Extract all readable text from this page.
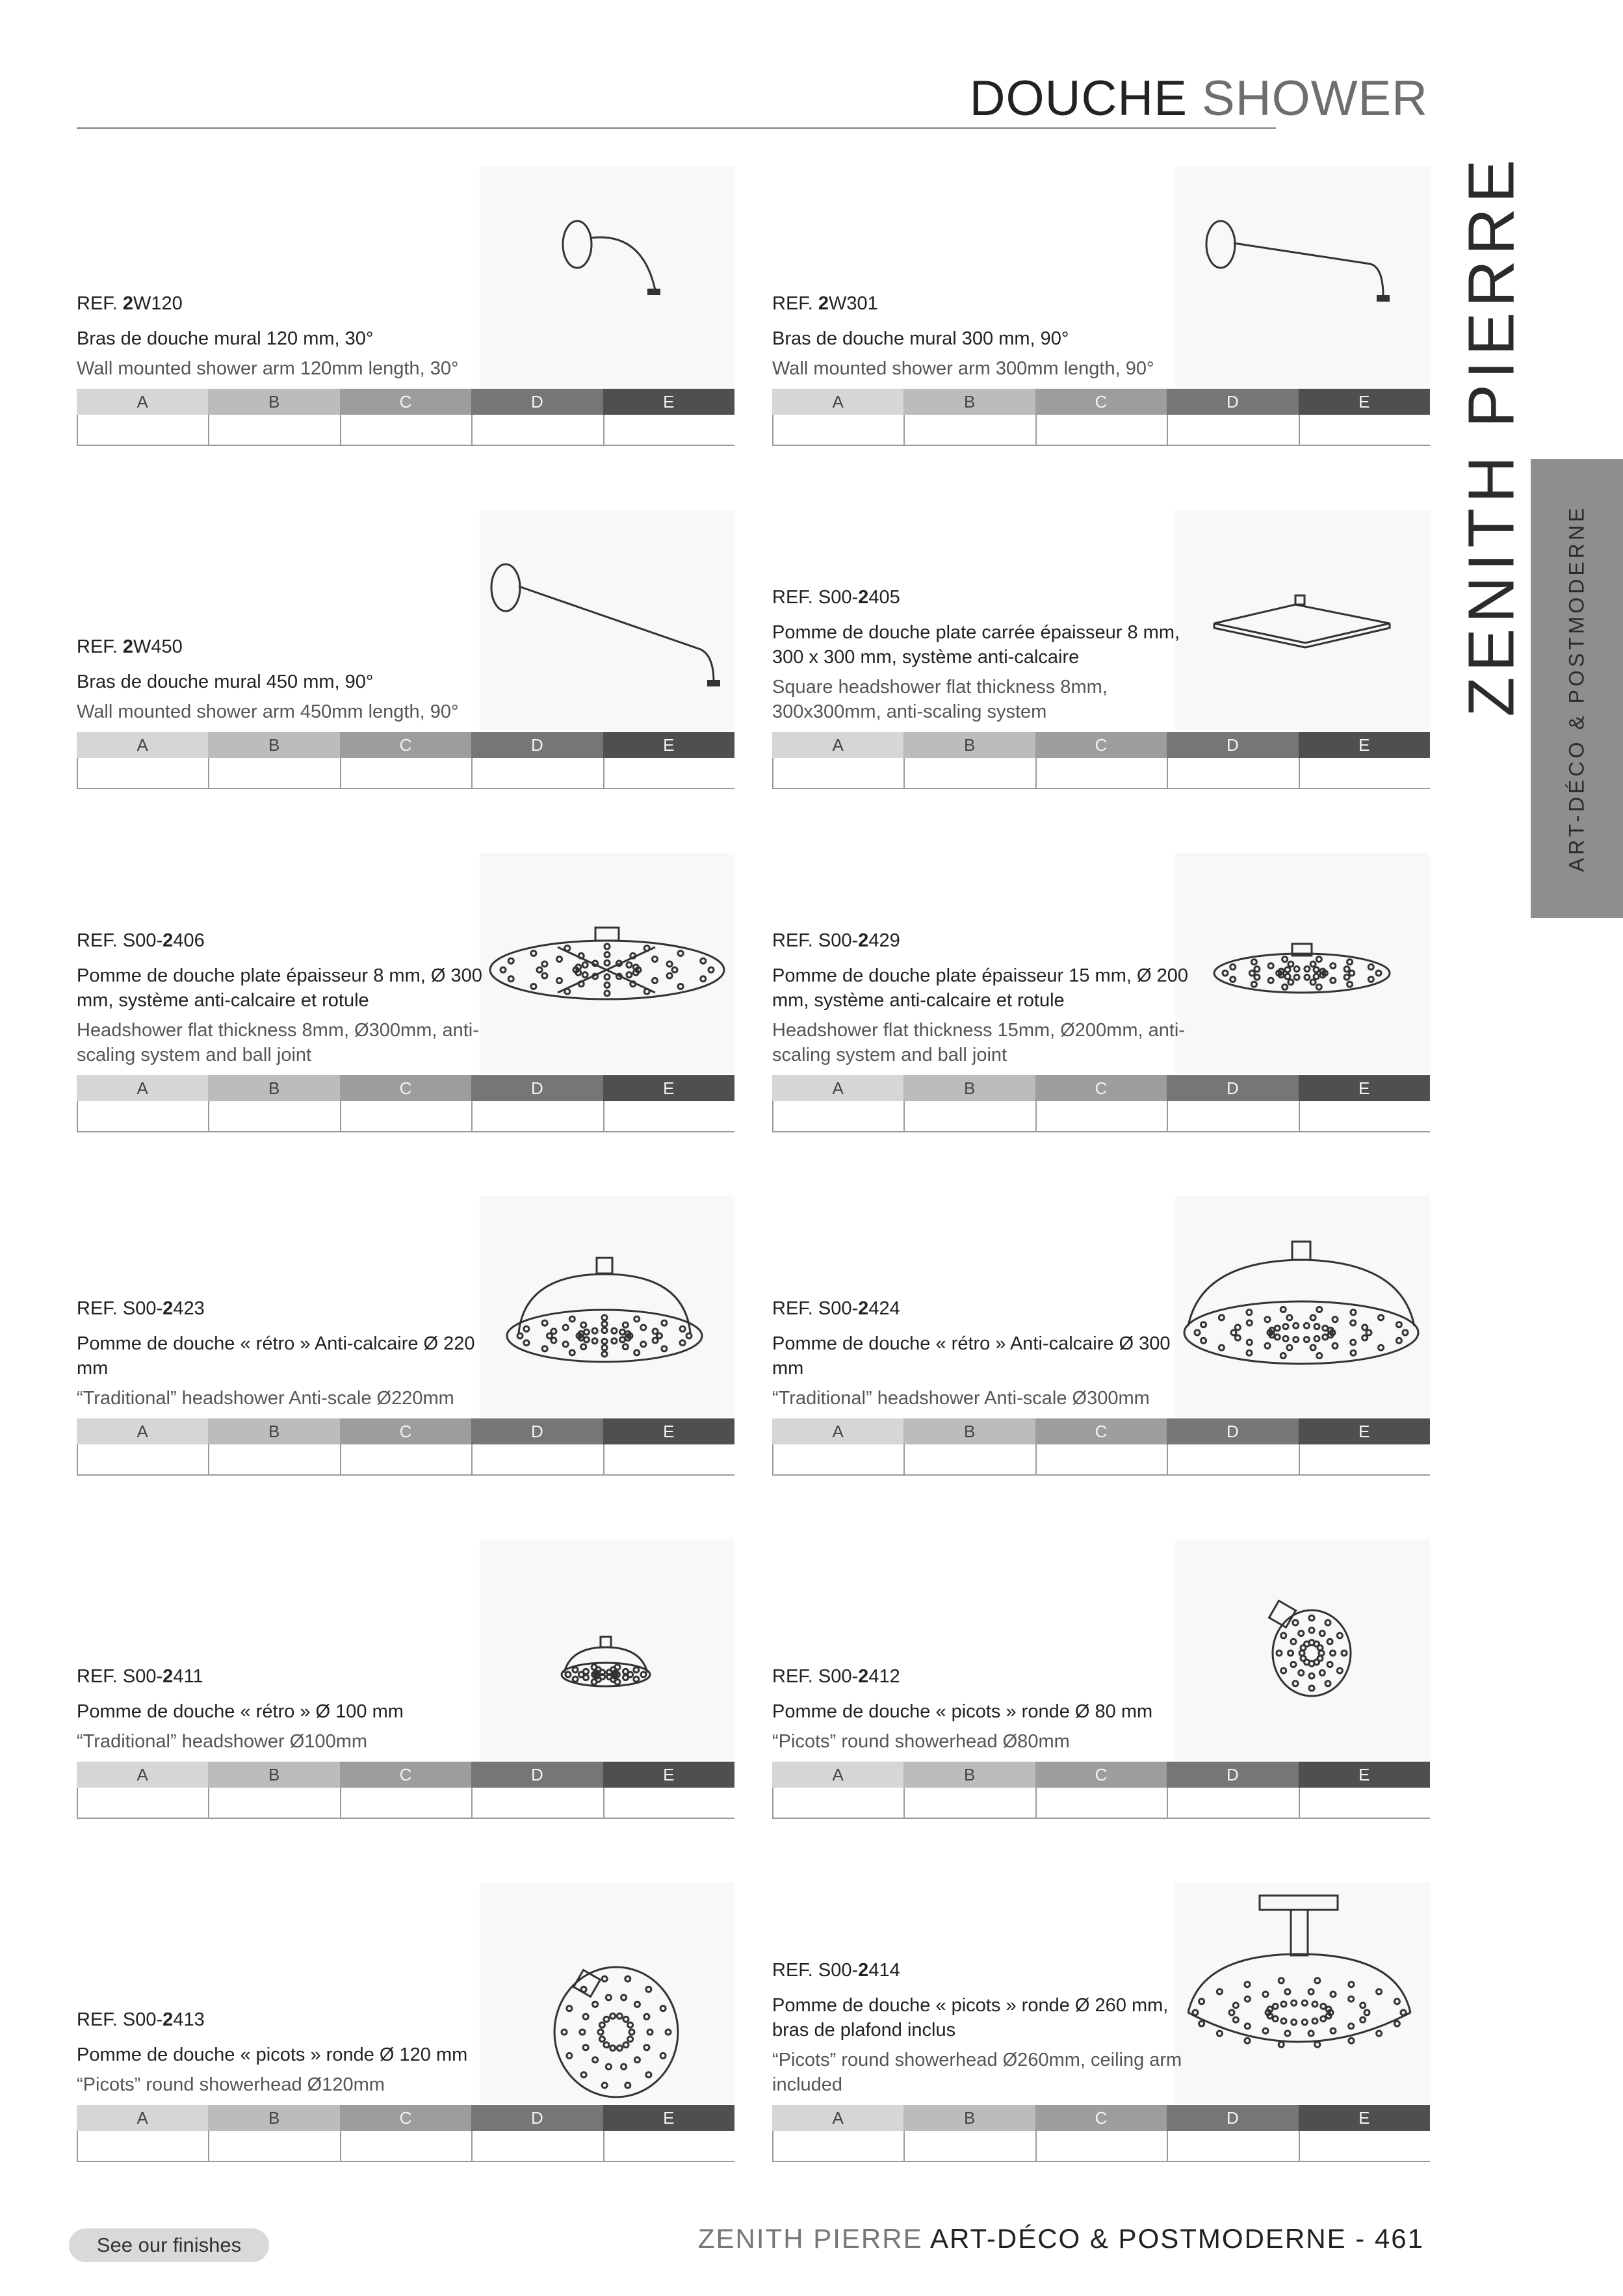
DOUCHE SHOWER
ZENITH PIERRE ART-DÉCO & POSTMODERNE
REF. 2W120
Bras de douche mural 120 mm, 30°
Wall mounted shower arm 120mm length, 30°
A	B	C	D	E
REF. 2W301
Bras de douche mural 300 mm, 90°
Wall mounted shower arm 300mm length, 90°
A	B	C	D	E
REF. 2W450
Bras de douche mural 450 mm, 90°
Wall mounted shower arm 450mm length, 90°
A	B	C	D	E
REF. S00-2405
Pomme de douche plate carrée épaisseur 8 mm, 300 x 300 mm, système anti-calcaire
Square headshower flat thickness 8mm, 300x300mm, anti-scaling system
A	B	C	D	E
REF. S00-2406
Pomme de douche plate épaisseur 8 mm, Ø 300 mm, système anti-calcaire et rotule
Headshower flat thickness 8mm, Ø300mm, anti-scaling system and ball joint
A	B	C	D	E
REF. S00-2429
Pomme de douche plate épaisseur 15 mm, Ø 200 mm, système anti-calcaire et rotule
Headshower flat thickness 15mm, Ø200mm, anti-scaling system and ball joint
A	B	C	D	E
REF. S00-2423
Pomme de douche « rétro » Anti-calcaire Ø 220 mm
“Traditional” headshower Anti-scale Ø220mm
A	B	C	D	E
REF. S00-2424
Pomme de douche « rétro » Anti-calcaire Ø 300 mm
“Traditional” headshower Anti-scale Ø300mm
A	B	C	D	E
REF. S00-2411
Pomme de douche « rétro » Ø 100 mm
“Traditional” headshower Ø100mm
A	B	C	D	E
REF. S00-2412
Pomme de douche « picots » ronde Ø 80 mm
“Picots” round showerhead Ø80mm
A	B	C	D	E
REF. S00-2413
Pomme de douche « picots » ronde Ø 120 mm
“Picots” round showerhead Ø120mm
A	B	C	D	E
REF. S00-2414
Pomme de douche « picots » ronde Ø 260 mm, bras de plafond inclus
“Picots” round showerhead Ø260mm, ceiling arm included
A	B	C	D	E
See our finishes	ZENITH PIERRE ART-DÉCO & POSTMODERNE - 461
